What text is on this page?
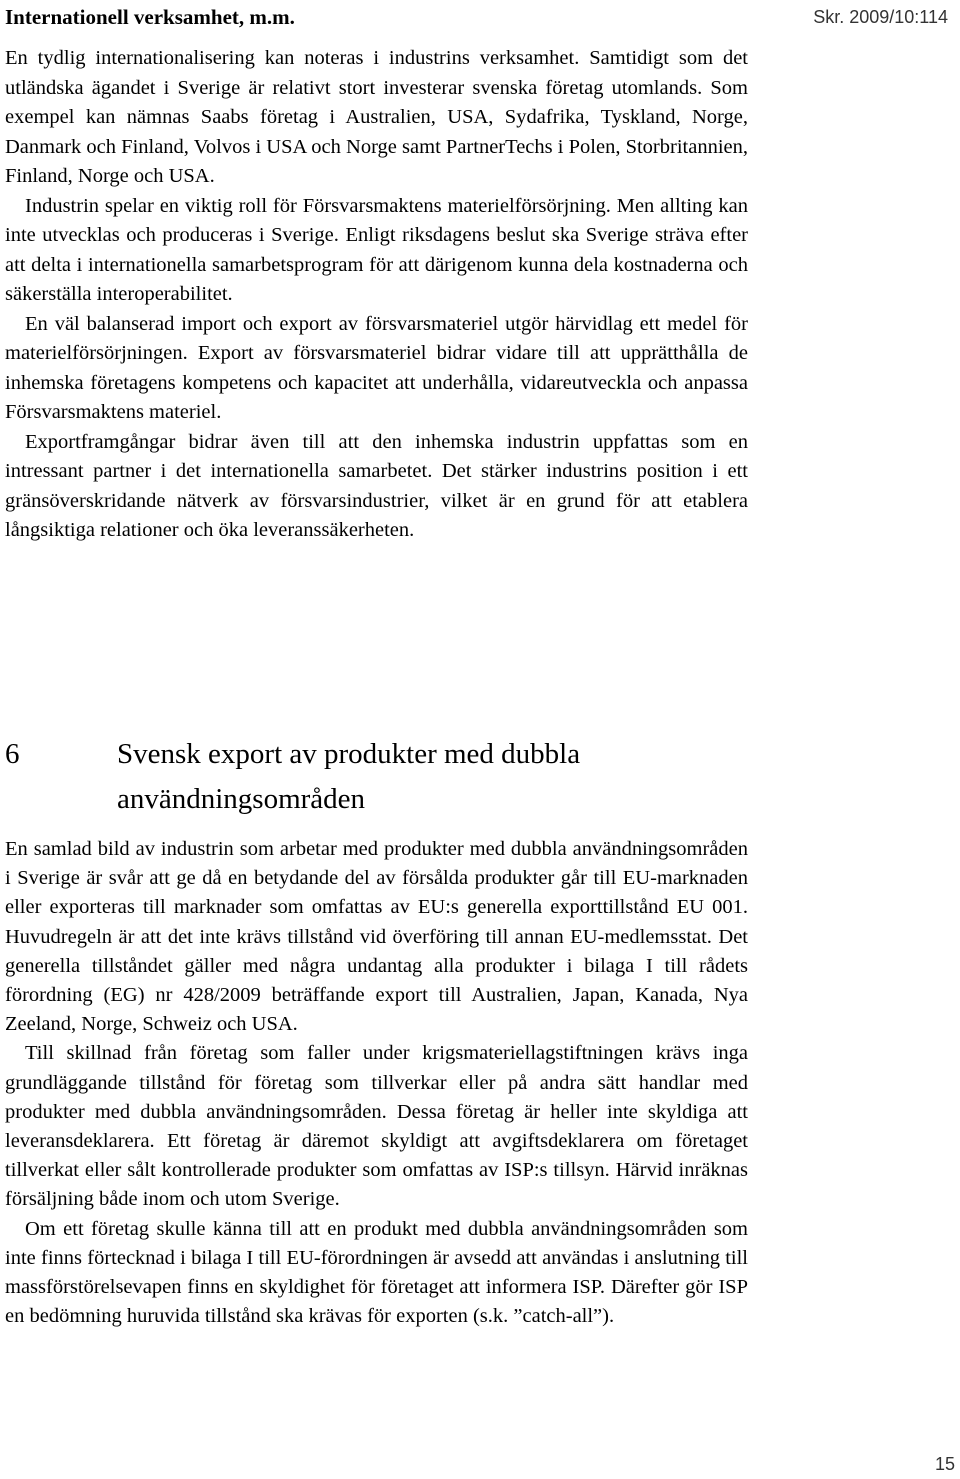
Internationell verksamhet, m.m.	Skr. 2009/10:114

En tydlig internationalisering kan noteras i industrins verksamhet. Samtidigt som det utländska ägandet i Sverige är relativt stort investerar svenska företag utomlands. Som exempel kan nämnas Saabs företag i Australien, USA, Sydafrika, Tyskland, Norge, Danmark och Finland, Volvos i USA och Norge samt PartnerTechs i Polen, Storbritannien, Finland, Norge och USA.

Industrin spelar en viktig roll för Försvarsmaktens materielförsörjning. Men allting kan inte utvecklas och produceras i Sverige. Enligt riksdagens beslut ska Sverige sträva efter att delta i internationella samarbetsprogram för att därigenom kunna dela kostnaderna och säkerställa interoperabilitet.

En väl balanserad import och export av försvarsmateriel utgör härvidlag ett medel för materielförsörjningen. Export av försvarsmateriel bidrar vidare till att upprätthålla de inhemska företagens kompetens och kapacitet att underhålla, vidareutveckla och anpassa Försvarsmaktens materiel.

Exportframgångar bidrar även till att den inhemska industrin uppfattas som en intressant partner i det internationella samarbetet. Det stärker industrins position i ett gränsöverskridande nätverk av försvarsindustrier, vilket är en grund för att etablera långsiktiga relationer och öka leveranssäkerheten.

6	Svensk export av produkter med dubbla användningsområden

En samlad bild av industrin som arbetar med produkter med dubbla användningsområden i Sverige är svår att ge då en betydande del av försålda produkter går till EU-marknaden eller exporteras till marknader som omfattas av EU:s generella exporttillstånd EU 001. Huvudregeln är att det inte krävs tillstånd vid överföring till annan EU-medlemsstat. Det generella tillståndet gäller med några undantag alla produkter i bilaga I till rådets förordning (EG) nr 428/2009 beträffande export till Australien, Japan, Kanada, Nya Zeeland, Norge, Schweiz och USA.

Till skillnad från företag som faller under krigsmateriellagstiftningen krävs inga grundläggande tillstånd för företag som tillverkar eller på andra sätt handlar med produkter med dubbla användningsområden. Dessa företag är heller inte skyldiga att leveransdeklarera. Ett företag är däremot skyldigt att avgiftsdeklarera om företaget tillverkat eller sålt kontrollerade produkter som omfattas av ISP:s tillsyn. Härvid inräknas försäljning både inom och utom Sverige.

Om ett företag skulle känna till att en produkt med dubbla användningsområden som inte finns förtecknad i bilaga I till EU-förordningen är avsedd att användas i anslutning till massförstörelsevapen finns en skyldighet för företaget att informera ISP. Därefter gör ISP en bedömning huruvida tillstånd ska krävas för exporten (s.k. ”catch-all”).

15
